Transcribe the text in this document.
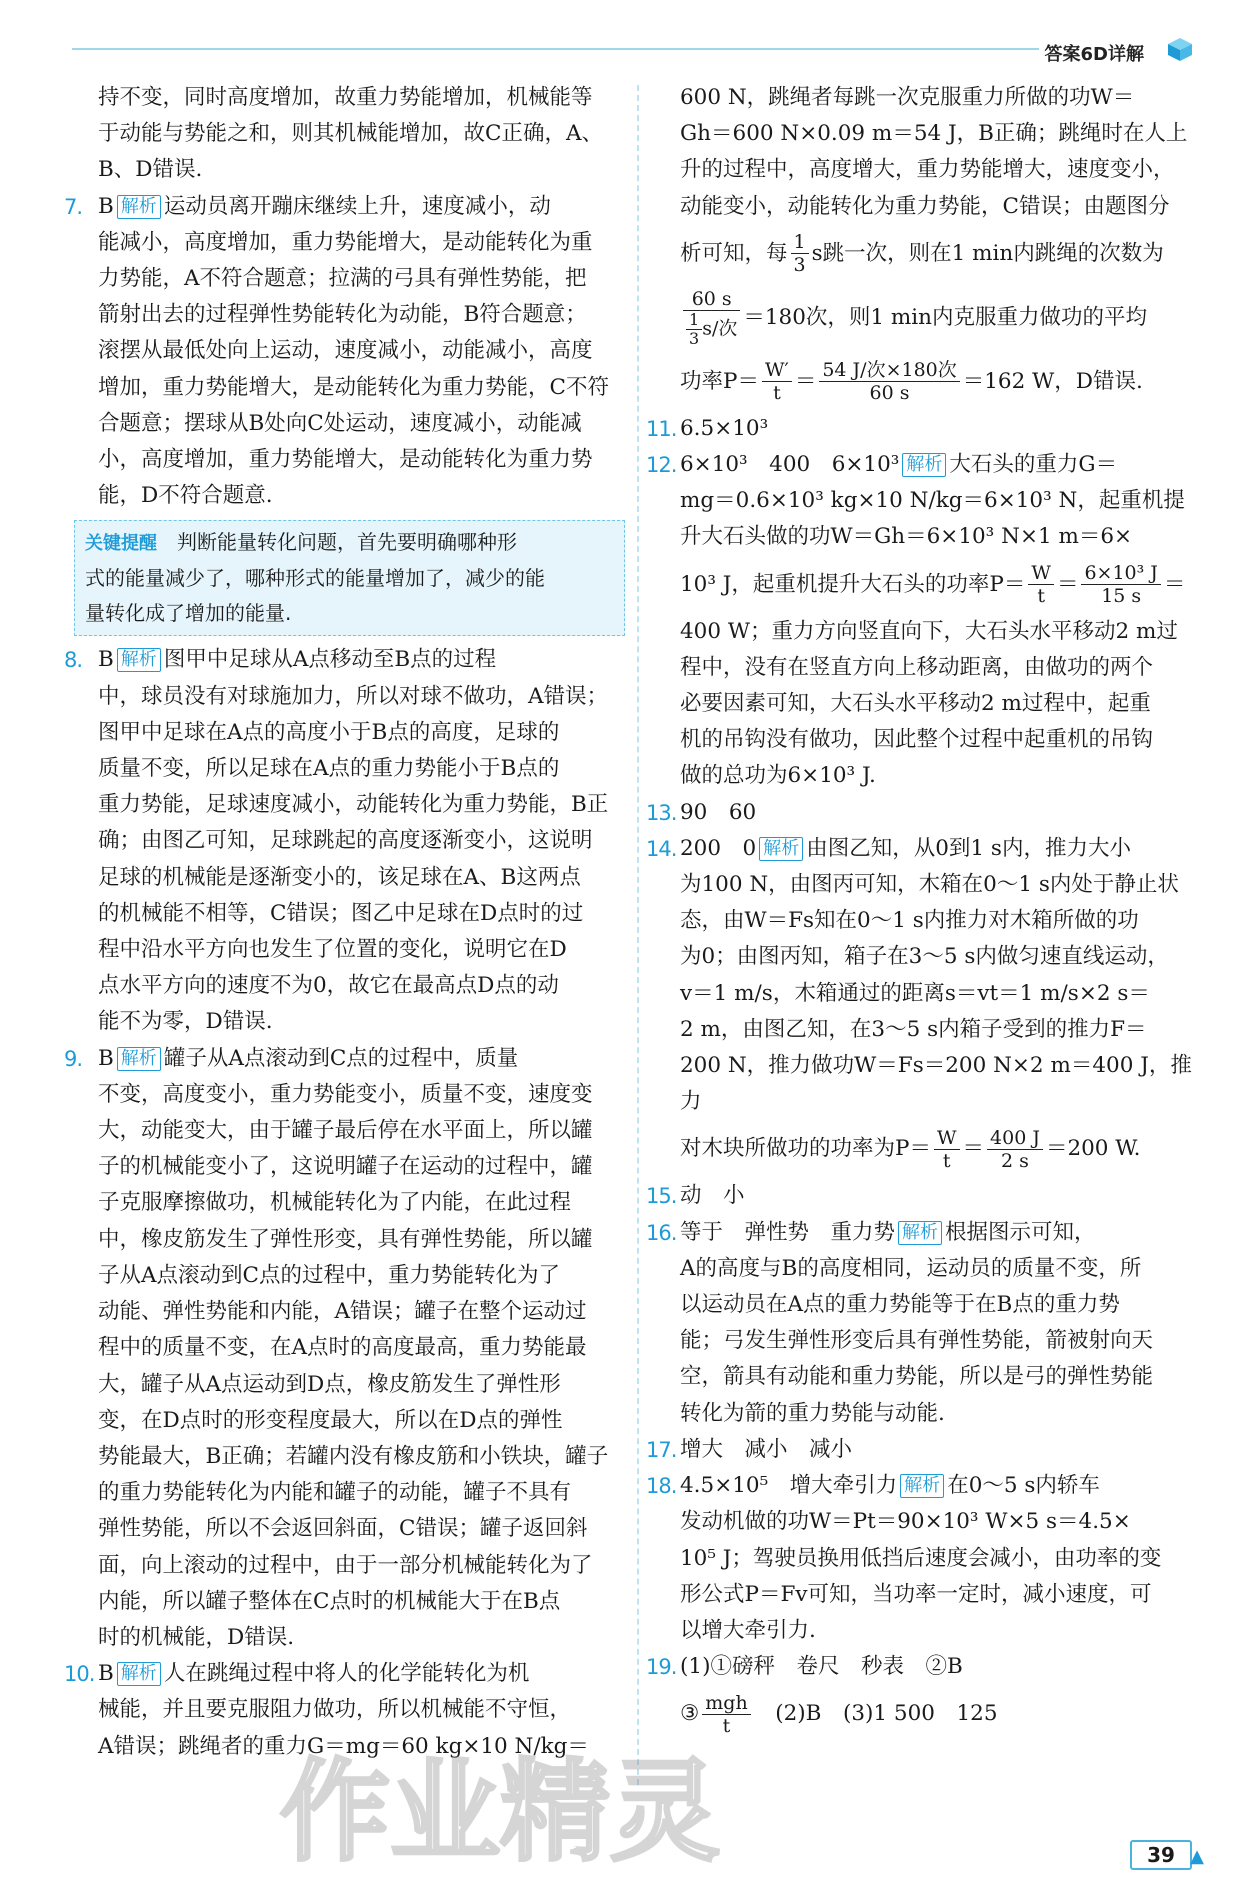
答案6D详解

持不变，同时高度增加，故重力势能增加，机械能等

于动能与势能之和，则其机械能增加，故C正确，A、

B、D错误.

7. B 解析 运动员离开蹦床继续上升，速度减小，动

能减小，高度增加，重力势能增大，是动能转化为重

力势能，A不符合题意；拉满的弓具有弹性势能，把

箭射出去的过程弹性势能转化为动能，B符合题意；

滚摆从最低处向上运动，速度减小，动能减小，高度

增加，重力势能增大，是动能转化为重力势能，C不符

合题意；摆球从B处向C处运动，速度减小，动能减

小，高度增加，重力势能增大，是动能转化为重力势

能，D不符合题意.

关键提醒　 判断能量转化问题，首先要明确哪种形
式的能量减少了，哪种形式的能量增加了，减少的能
量转化成了增加的能量.
8. B 解析 图甲中足球从A点移动至B点的过程

中，球员没有对球施加力，所以对球不做功，A错误；

图甲中足球在A点的高度小于B点的高度，足球的

质量不变，所以足球在A点的重力势能小于B点的

重力势能，足球速度减小，动能转化为重力势能，B正

确；由图乙可知，足球跳起的高度逐渐变小，这说明

足球的机械能是逐渐变小的，该足球在A、B这两点

的机械能不相等，C错误；图乙中足球在D点时的过

程中沿水平方向也发生了位置的变化，说明它在D

点水平方向的速度不为0，故它在最高点D点的动

能不为零，D错误.

9. B 解析 罐子从A点滚动到C点的过程中，质量

不变，高度变小，重力势能变小，质量不变，速度变

大，动能变大，由于罐子最后停在水平面上，所以罐

子的机械能变小了，这说明罐子在运动的过程中，罐

子克服摩擦做功，机械能转化为了内能，在此过程

中，橡皮筋发生了弹性形变，具有弹性势能，所以罐

子从A点滚动到C点的过程中，重力势能转化为了

动能、弹性势能和内能，A错误；罐子在整个运动过

程中的质量不变，在A点时的高度最高，重力势能最

大，罐子从A点运动到D点，橡皮筋发生了弹性形

变，在D点时的形变程度最大，所以在D点的弹性

势能最大，B正确；若罐内没有橡皮筋和小铁块，罐子

的重力势能转化为内能和罐子的动能，罐子不具有

弹性势能，所以不会返回斜面，C错误；罐子返回斜

面，向上滚动的过程中，由于一部分机械能转化为了

内能，所以罐子整体在C点时的机械能大于在B点

时的机械能，D错误.

10. B 解析 人在跳绳过程中将人的化学能转化为机

械能，并且要克服阻力做功，所以机械能不守恒，

A错误；跳绳者的重力G＝mg＝60 kg×10 N/kg＝

600 N，跳绳者每跳一次克服重力所做的功W＝

Gh＝600 N×0.09 m＝54 J，B正确；跳绳时在人上

升的过程中，高度增大，重力势能增大，速度变小，

动能变小，动能转化为重力势能，C错误；由题图分

析可知，每 $\frac{1}{3}$ s跳一次，则在1 min内跳绳的次数为

$\frac{60 s}{\frac{1}{3} s/次} =180$次，则1 min内克服重力做功的平均

功率$P= \frac{W'}{t} = \frac{\text{54 J/次×180次}}{60 s} =162$ W，D错误.

11. 6.5×10³

12. 6×10³　400　6×10³ 解析 大石头的重力G＝

mg＝0.6×10³ kg×10 N/kg＝6×10³ N，起重机提

升大石头做的功W＝Gh＝6×10³ N×1 m＝6×

10³ J，起重机提升大石头的功率$P= \frac{W}{t} = \frac{\text{6×10³ J}}{15 s}$ ＝

400 W；重力方向竖直向下，大石头水平移动2 m过

程中，没有在竖直方向上移动距离，由做功的两个

必要因素可知，大石头水平移动2 m过程中，起重

机的吊钩没有做功，因此整个过程中起重机的吊钩

做的总功为6×10³ J.

13. 90　60

14. 200　0 解析 由图乙知，从0到1 s内，推力大小

为100 N，由图丙可知，木箱在0～1 s内处于静止状

态，由W＝Fs知在0～1 s内推力对木箱所做的功

为0；由图丙知，箱子在3～5 s内做匀速直线运动，

v＝1 m/s，木箱通过的距离s＝vt＝1 m/s×2 s＝

2 m，由图乙知，在3～5 s内箱子受到的推力F＝

200 N，推力做功W＝Fs＝200 N×2 m＝400 J，推力

对木块所做功的功率为$P= \frac{W}{t} = \frac{400 J}{2 s} =200$ W.

15. 动　小

16. 等于　弹性势　重力势 解析 根据图示可知，

A的高度与B的高度相同，运动员的质量不变，所

以运动员在A点的重力势能等于在B点的重力势

能；弓发生弹性形变后具有弹性势能，箭被射向天

空，箭具有动能和重力势能，所以是弓的弹性势能

转化为箭的重力势能与动能.

17. 增大　减小　减小

18. 4.5×10⁵　增大牵引力 解析 在0～5 s内轿车

发动机做的功W＝Pt＝90×10³ W×5 s＝4.5×

10⁵ J；驾驶员换用低挡后速度会减小，由功率的变

形公式P＝Fv可知，当功率一定时，减小速度，可

以增大牵引力.

19. (1)①磅秤　卷尺　秒表　②B

③ $\frac{\text{mgh}}{t}$ 　(2)B　(3)1 500　125

作业精灵	39 ▲
